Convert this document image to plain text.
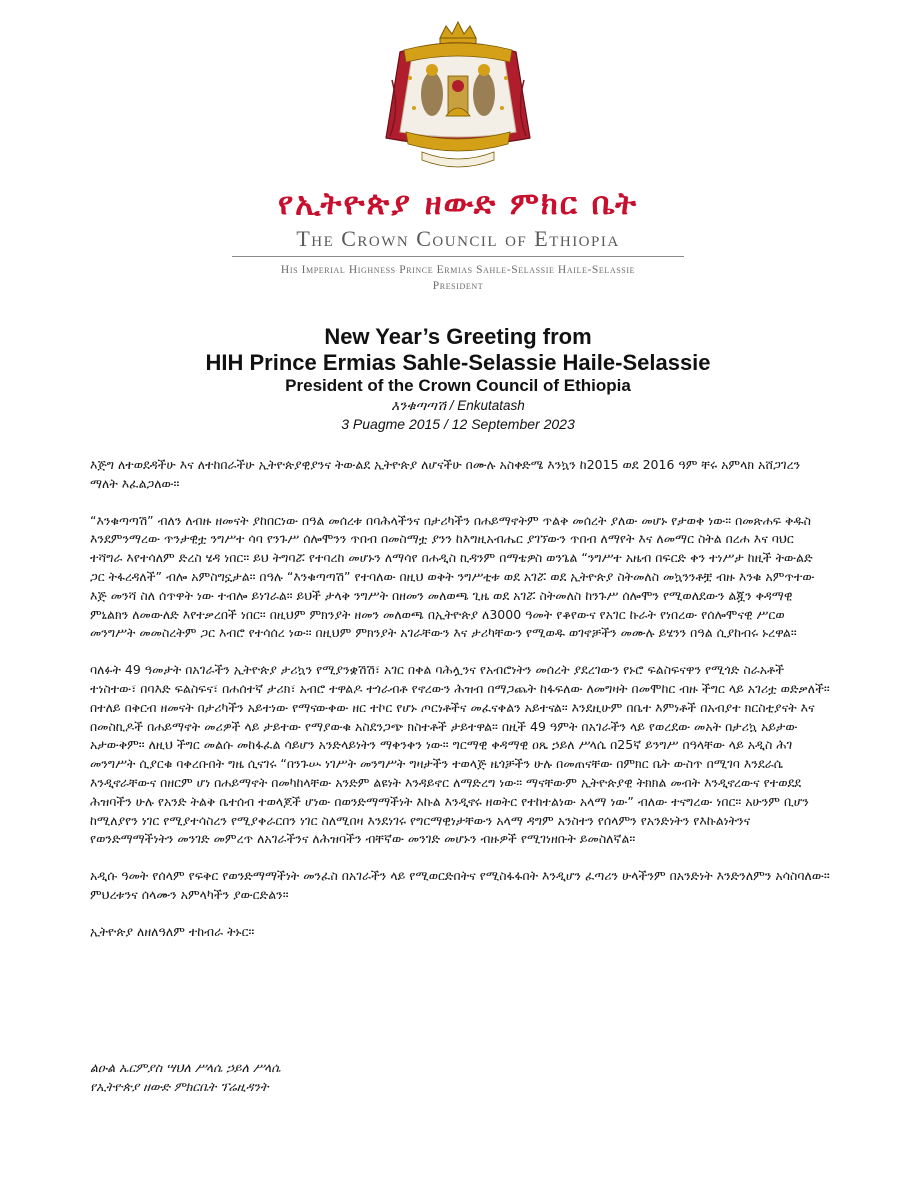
የኢትዮጵያ ዘውድ ምክር ቤት
The Crown Council of Ethiopia
His Imperial Highness Prince Ermias Sahle-Selassie Haile-Selassie
President
New Year’s Greeting from
HIH Prince Ermias Sahle-Selassie Haile-Selassie
President of the Crown Council of Ethiopia
እንቁጣጣሽ / Enkutatash
3 Puagme 2015 / 12 September 2023

እጅግ ለተወደዳችሁ እና ለተከበራችሁ ኢትዮጵያዊያንና ትውልደ ኢትዮጵያ ለሆናችሁ በሙሉ አስቀድሜ እንኳን ከ2015 ወደ 2016 ዓም ቸሩ አምላክ አሸጋገረን ማለት እፈልጋለው።

“እንቁጣጣሽ” ብለን ለብዙ ዘመናት ያከበርነው በዓል መሰረቱ በባሕላችንና በታሪካችን በሐይማኖትም ጥልቅ መሰረት ያለው መሆኑ የታወቀ ነው። በመጽሐፍ ቅዱስ እንደምንማረው ጥንታዊቷ ንግሥተ ሳባ የንጉሥ ሰሎሞንን ጥበብ በመስማቷ ያንን ከእግዚአብሔር ያገኘውን ጥበብ ለማየት እና ለመማር ስትል በረሐ እና ባህር ተሻግራ እየተሳለም ድረስ ሄዳ ነበር። ይህ ትግባሯ የተባረከ መሆኑን ለማሳየ በሐዲስ ኪዳንም በማቴዎስ ወንጌል “ንግሥተ አዜብ በፍርድ ቀን ተነሥታ ከዚች ትውልድ ጋር ትፋረዳለች” ብሎ አምስግኗታል። በዓሉ “እንቁጣጣሽ” የተባለው በዚህ ወቅት ንግሥቲቱ ወደ አገሯ ወደ ኢትዮጵያ ስትመለስ መኳንንቶቿ ብዙ እንቁ አምጥተው እጅ መንሻ ስለ ሰጥዋት ነው ተብሎ ይነገራል። ይህች ታላቅ ንግሥት በዘመን መለወጫ ጊዜ ወደ አገሯ ስትመለስ ከንጉሥ ሰሎሞን የሚወለደውን ልጇን ቀዳማዊ ምኒልክን ለመውለድ እየተቃረበች ነበር። በዚህም ምክንያት ዘመን መለወጫ በኢትዮጵያ ለ3000 ዓመት የቆየውና የአገር ኩራት የነበረው የሰሎሞናዊ ሥርወ መንግሥት መመስረትም ጋር እብሮ የተሳሰረ ነው። በዚህም ምክንያት አገራቸውን እና ታሪካቸውን የሚወዱ ወገኖቻችን መሙሉ ይሄንን በዓል ሲያከብሩ ኑረዋል።

ባለፉት 49 ዓመታት በአገራችን ኢትዮጵያ ታሪኳን የሚያንቋሽሽ፣ አገር በቀል ባሕሏንና የአብሮነትን መሰረት ያደረገውን የኑሮ ፍልስፍናዋን የሚጎድ ስራአቶች ተነስተው፣ በባእድ ፍልስፍና፣ በሐሰተኛ ታሪክ፣ አብሮ ተዋልዶ ተጎራብቶ የኖረውን ሕዝብ በማጋጨት ከፋፍለው ለመግዛት በመሞከር ብዙ ችግር ላይ አገሪቷ ወድቃለች። በተለይ በቅርብ ዘመናት በታሪካችን አይተነው የማናውቀው ዘር ተኮር የሆኑ ጦርነቶችና መፈናቀልን አይተናል። እንደዚሁም በቤተ እምነቶች በአብያተ ክርስቲያናት እና በመስኪዶች በሐይማኖት መሪዎች ላይ ታይተው የማያውቁ አስደንጋጭ ክስተቶች ታይተዋል። በዚች 49 ዓምት በአገራችን ላይ የወረደው መአት በታሪኳ አይታው አታውቅም። ለዚህ ችግር መልሱ መከፋፈል ሳይሆን አንድላይነትን ማቀንቀን ነው። ግርማዊ ቀዳማዊ ዐጼ ኃይለ ሥላሴ በ25ኛ ይንግሥ በዓላቸው ላይ አዲስ ሕገ መንግሥት ሲያርቁ ባቀረቡበት ግዜ ሲናገሩ “በንጉሡ ነገሥት መንግሥት ግዛታችን ተወላጅ ዜጎቻችን ሁሉ በመጠናቸው በምክር ቤት ውስጥ በሚገባ እንደራሴ እንዲኖራቸውና በዘርም ሆነ በሐይማኖት በመካከላቸው አንድም ልዩነት እንዳይኖር ለማድረግ ነው። ማናቸውም ኢትዮጵያዊ ትክክል መብት እንዲኖረውና የተወደደ ሕዝባችን ሁሉ የአንድ ትልቅ ቤተሰብ ተወላጆች ሆነው በወንድማማችነት እኩል እንዲኖሩ ዘወትር የተከተልነው አላማ ነው” ብለው ተናግረው ነበር። አሁንም ቢሆን ከሚለያየን ነገር የሚያተሳስረን የሚያቀራርበን ነገር ስለሚበዛ እንደነገሩ የግርማዊነታቸውን አላማ ዳግም አንስተን የሰላምን የአንድነትን የእኩልነትንና የወንድማማችነትን መንገድ መምረጥ ለአገራችንና ለሕዝባችን ብቸኛው መንገድ መሆኑን ብዙዎች የሚገነዘቡት ይመስለኛል።

አዲሱ ዓመት የሰላም የፍቅር የወንድማማችነት መንፈስ በአገራችን ላይ የሚወርድበትና የሚስፋፋበት እንዲሆን ፈጣሪን ሁላችንም በአንድነት እንድንለምን አሳስባለው። ምህረቱንና ሰላሙን አምላካችን ያውርድልን።

ኢትዮጵያ ለዘለዓለም ተከብራ ትኑር።

ልዑል ኤርምያስ ሣህለ ሥላሴ ኃይለ ሥላሴ
የኢትዮጵያ ዘውድ ምክርቤት ፕሬዚዳንት
